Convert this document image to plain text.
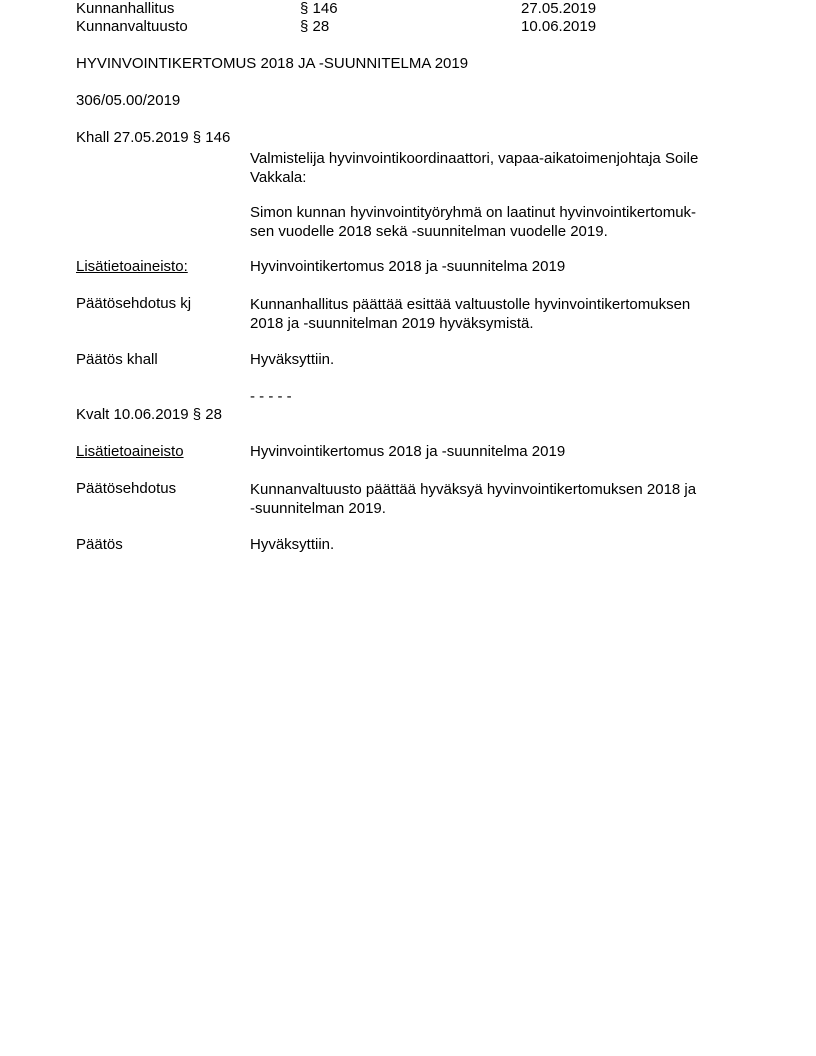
Kunnanhallitus	§ 146	27.05.2019
Kunnanvaltuusto	§ 28	10.06.2019
HYVINVOINTIKERTOMUS 2018 JA -SUUNNITELMA 2019
306/05.00/2019
Khall 27.05.2019 § 146
Valmistelija hyvinvointikoordinaattori, vapaa-aikatoimenjohtaja Soile
Vakkala:
Simon kunnan hyvinvointityöryhmä on laatinut hyvinvointikertomuk-
sen vuodelle 2018 sekä -suunnitelman vuodelle 2019.
Lisätietoaineisto:	Hyvinvointikertomus 2018 ja -suunnitelma 2019
Päätösehdotus kj	Kunnanhallitus päättää esittää valtuustolle hyvinvointikertomuksen
2018 ja -suunnitelman 2019 hyväksymistä.
Päätös khall	Hyväksyttiin.
- - - - -
Kvalt 10.06.2019 § 28
Lisätietoaineisto	Hyvinvointikertomus 2018 ja -suunnitelma 2019
Päätösehdotus	Kunnanvaltuusto päättää hyväksyä hyvinvointikertomuksen 2018 ja
-suunnitelman 2019.
Päätös	Hyväksyttiin.
